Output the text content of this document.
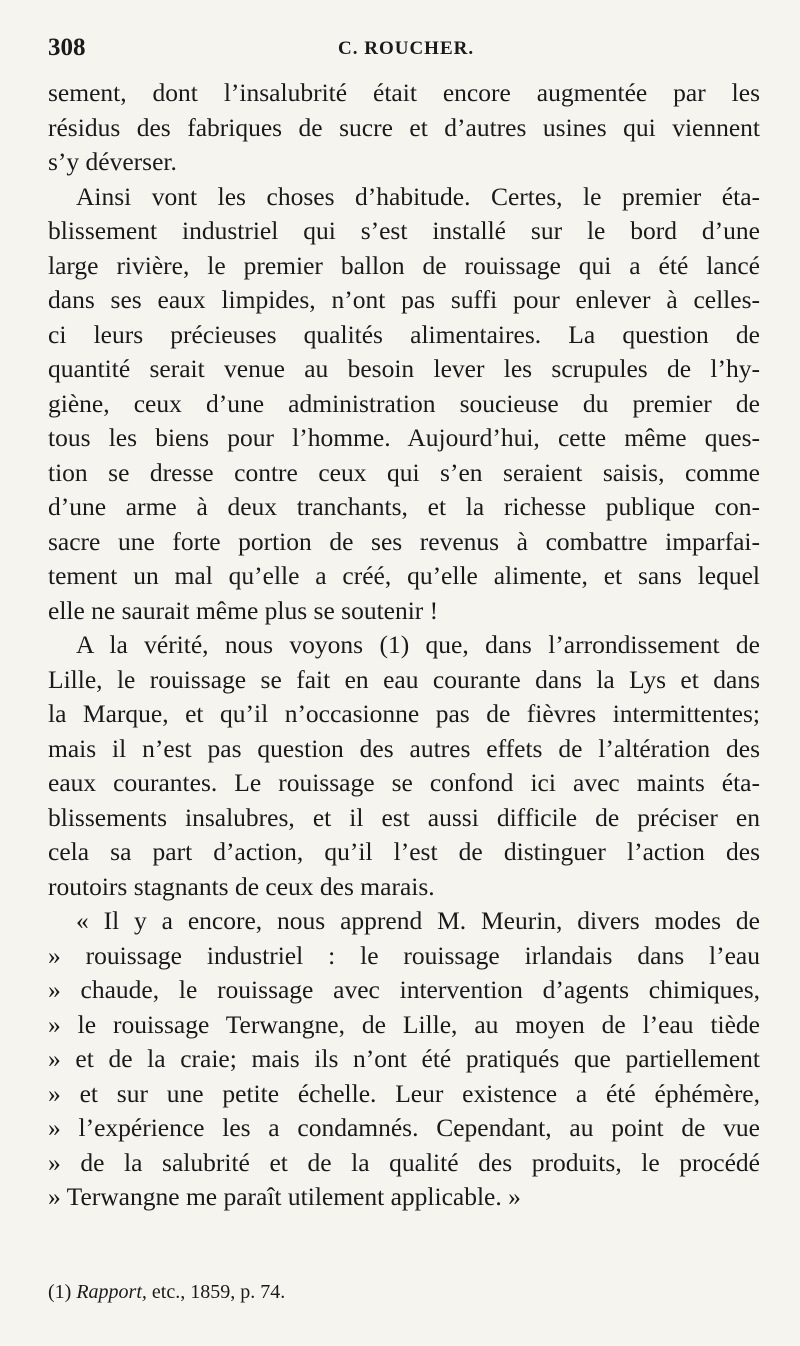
308	C. ROUCHER.
sement, dont l’insalubrité était encore augmentée par les
résidus des fabriques de sucre et d’autres usines qui viennent
s’y déverser.
Ainsi vont les choses d’habitude. Certes, le premier éta-
blissement industriel qui s’est installé sur le bord d’une
large rivière, le premier ballon de rouissage qui a été lancé
dans ses eaux limpides, n’ont pas suffi pour enlever à celles-
ci leurs précieuses qualités alimentaires. La question de
quantité serait venue au besoin lever les scrupules de l’hy-
giène, ceux d’une administration soucieuse du premier de
tous les biens pour l’homme. Aujourd’hui, cette même ques-
tion se dresse contre ceux qui s’en seraient saisis, comme
d’une arme à deux tranchants, et la richesse publique con-
sacre une forte portion de ses revenus à combattre imparfai-
tement un mal qu’elle a créé, qu’elle alimente, et sans lequel
elle ne saurait même plus se soutenir !
A la vérité, nous voyons (1) que, dans l’arrondissement de
Lille, le rouissage se fait en eau courante dans la Lys et dans
la Marque, et qu’il n’occasionne pas de fièvres intermittentes;
mais il n’est pas question des autres effets de l’altération des
eaux courantes. Le rouissage se confond ici avec maints éta-
blissements insalubres, et il est aussi difficile de préciser en
cela sa part d’action, qu’il l’est de distinguer l’action des
routoirs stagnants de ceux des marais.
« Il y a encore, nous apprend M. Meurin, divers modes de
» rouissage industriel : le rouissage irlandais dans l’eau
» chaude, le rouissage avec intervention d’agents chimiques,
» le rouissage Terwangne, de Lille, au moyen de l’eau tiède
» et de la craie; mais ils n’ont été pratiqués que partiellement
» et sur une petite échelle. Leur existence a été éphémère,
» l’expérience les a condamnés. Cependant, au point de vue
» de la salubrité et de la qualité des produits, le procédé
» Terwangne me paraît utilement applicable. »
(1) Rapport, etc., 1859, p. 74.
